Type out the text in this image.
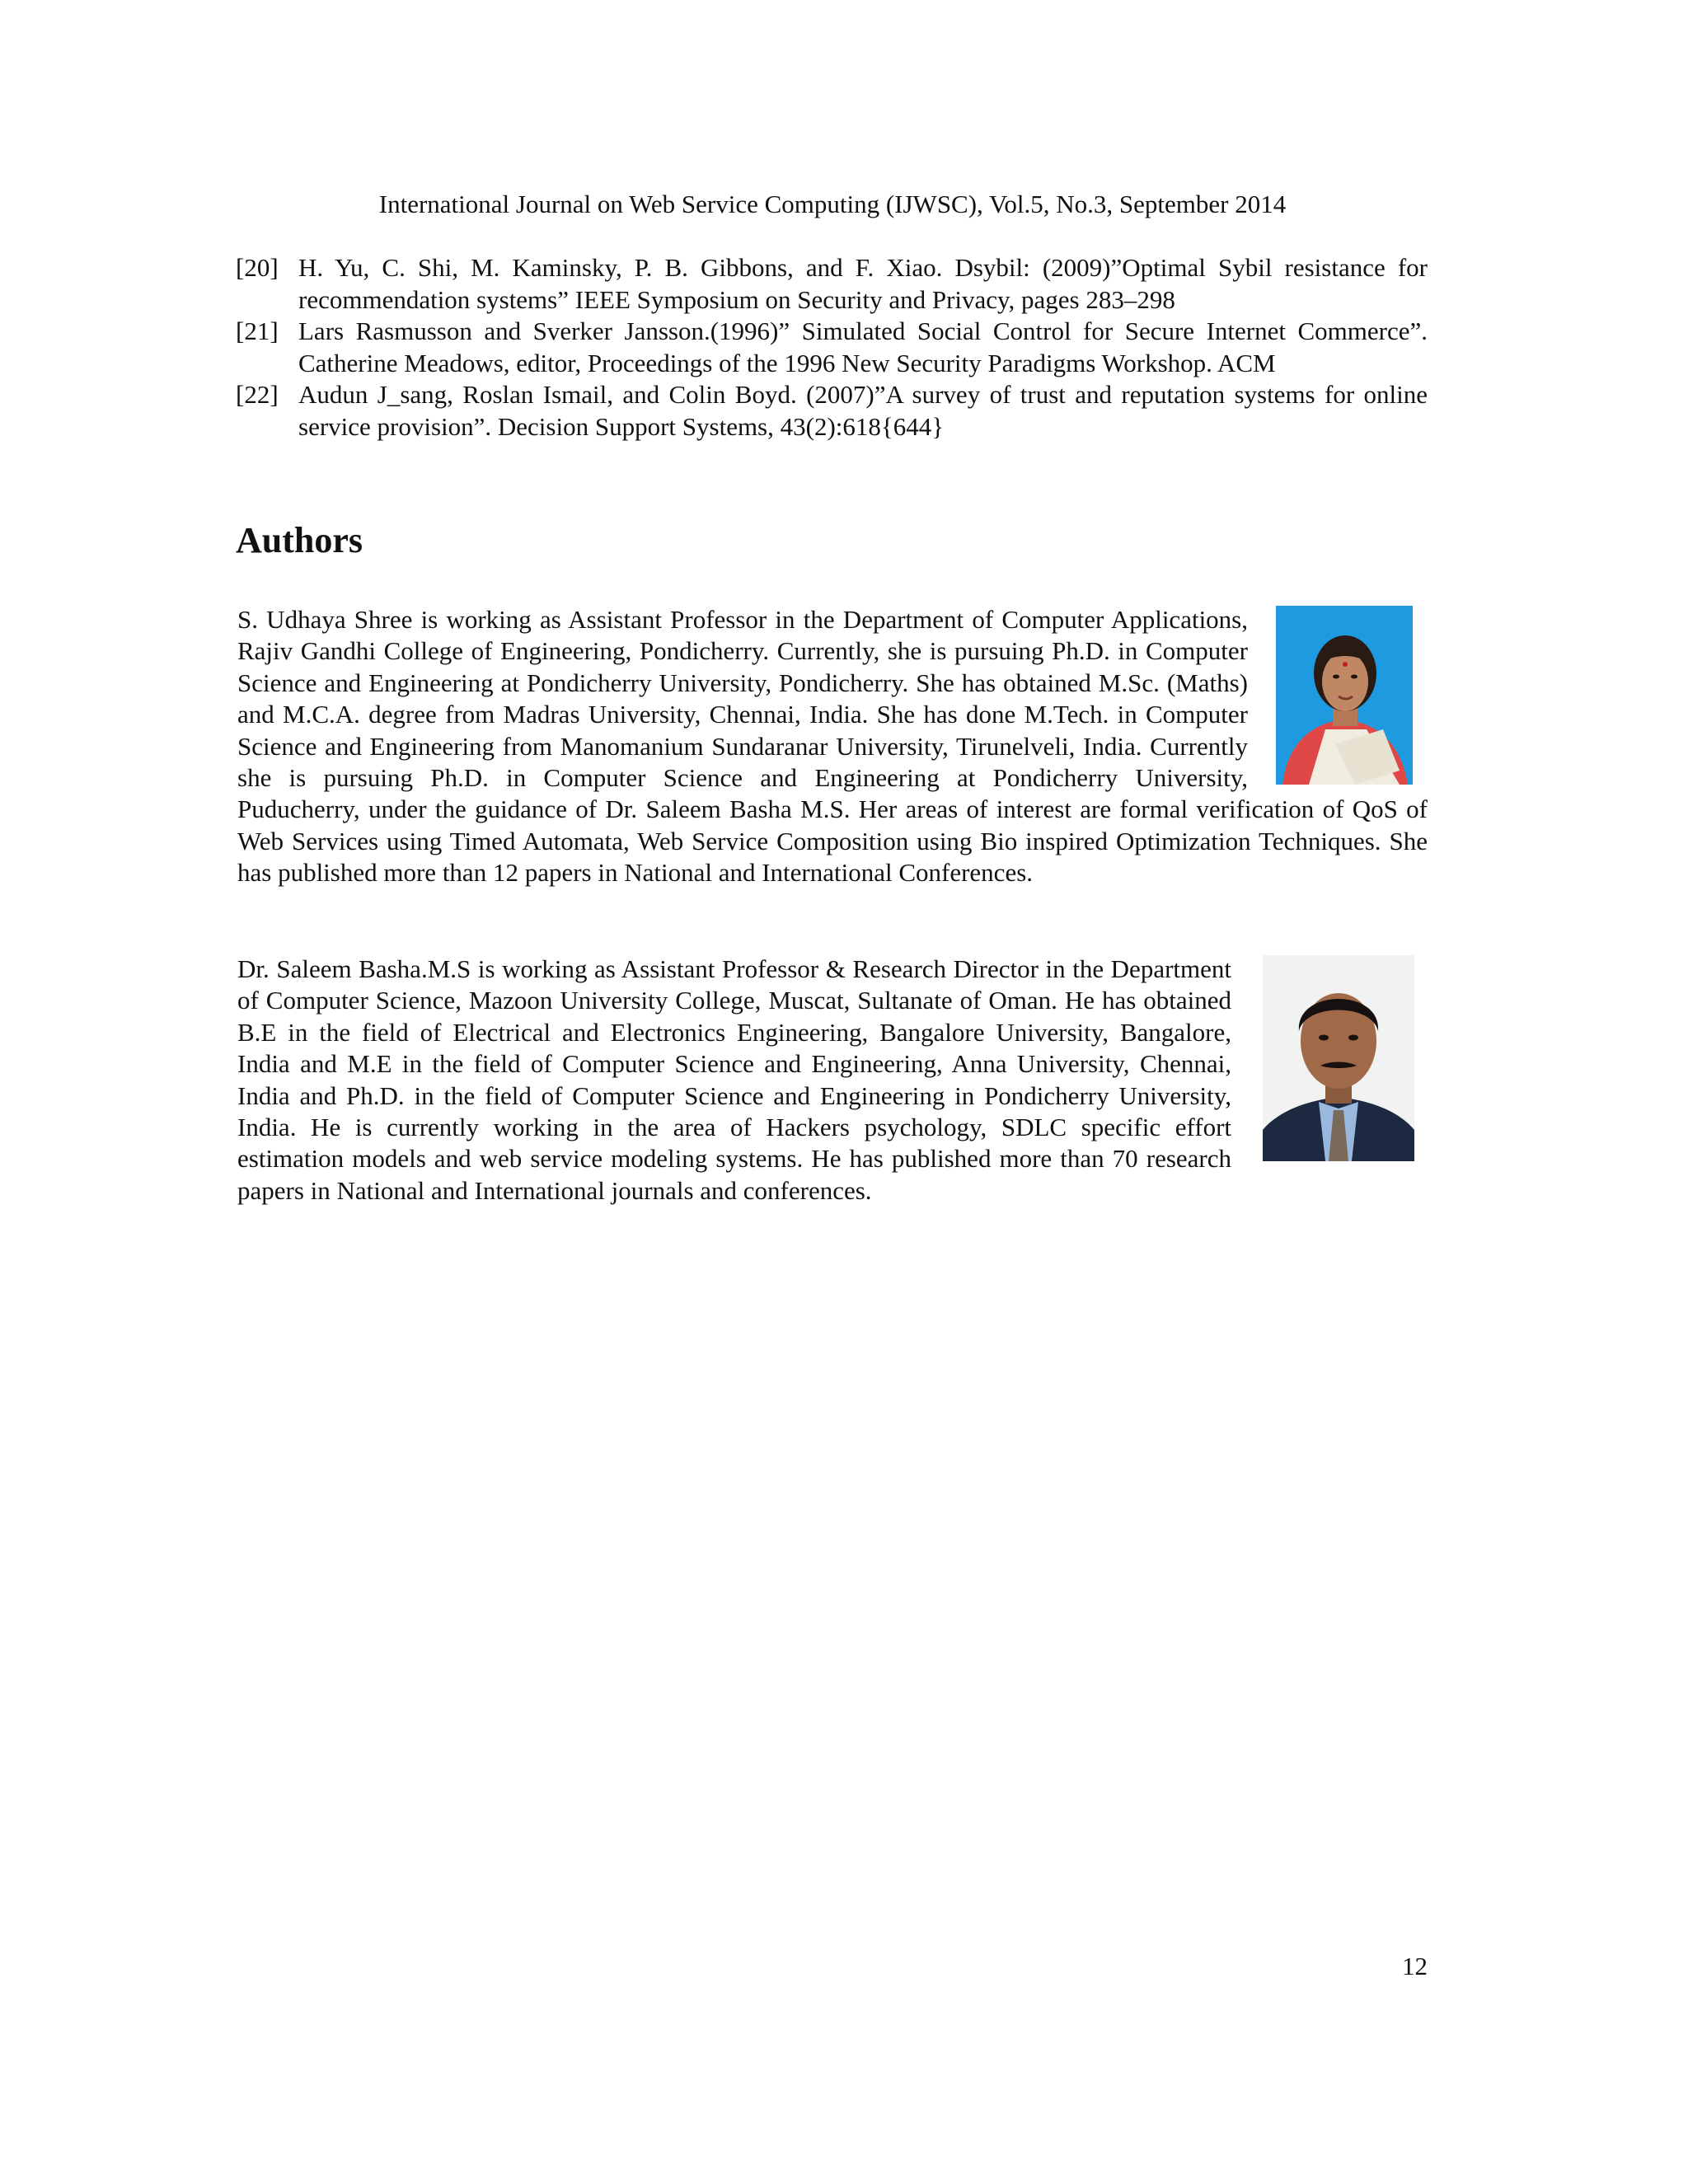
International Journal on Web Service Computing (IJWSC), Vol.5, No.3, September 2014
[20] H. Yu, C. Shi, M. Kaminsky, P. B. Gibbons, and F. Xiao. Dsybil: (2009)”Optimal Sybil resistance for recommendation systems” IEEE Symposium on Security and Privacy, pages 283–298
[21] Lars Rasmusson and Sverker Jansson.(1996)” Simulated Social Control for Secure Internet Commerce”. Catherine Meadows, editor, Proceedings of the 1996 New Security Paradigms Workshop. ACM
[22] Audun J_sang, Roslan Ismail, and Colin Boyd. (2007)”A survey of trust and reputation systems for online service provision”. Decision Support Systems, 43(2):618{644}
Authors
S. Udhaya Shree is working as Assistant Professor in the Department of Computer Applications, Rajiv Gandhi College of Engineering, Pondicherry. Currently, she is pursuing Ph.D. in Computer Science and Engineering at Pondicherry University, Pondicherry. She has obtained M.Sc. (Maths) and M.C.A. degree from Madras University, Chennai, India. She has done M.Tech. in Computer Science and Engineering from Manomanium Sundaranar University, Tirunelveli, India. Currently she is pursuing Ph.D. in Computer Science and Engineering at Pondicherry University, Puducherry, under the guidance of Dr. Saleem Basha M.S. Her areas of interest are formal verification of QoS of Web Services using Timed Automata, Web Service Composition using Bio inspired Optimization Techniques. She has published more than 12 papers in National and International Conferences.
Dr. Saleem Basha.M.S is working as Assistant Professor & Research Director in the Department of Computer Science, Mazoon University College, Muscat, Sultanate of Oman. He has obtained B.E in the field of Electrical and Electronics Engineering, Bangalore University, Bangalore, India and M.E in the field of Computer Science and Engineering, Anna University, Chennai, India and Ph.D. in the field of Computer Science and Engineering in Pondicherry University, India. He is currently working in the area of Hackers psychology, SDLC specific effort estimation models and web service modeling systems. He has published more than 70 research papers in National and International journals and conferences.
12
